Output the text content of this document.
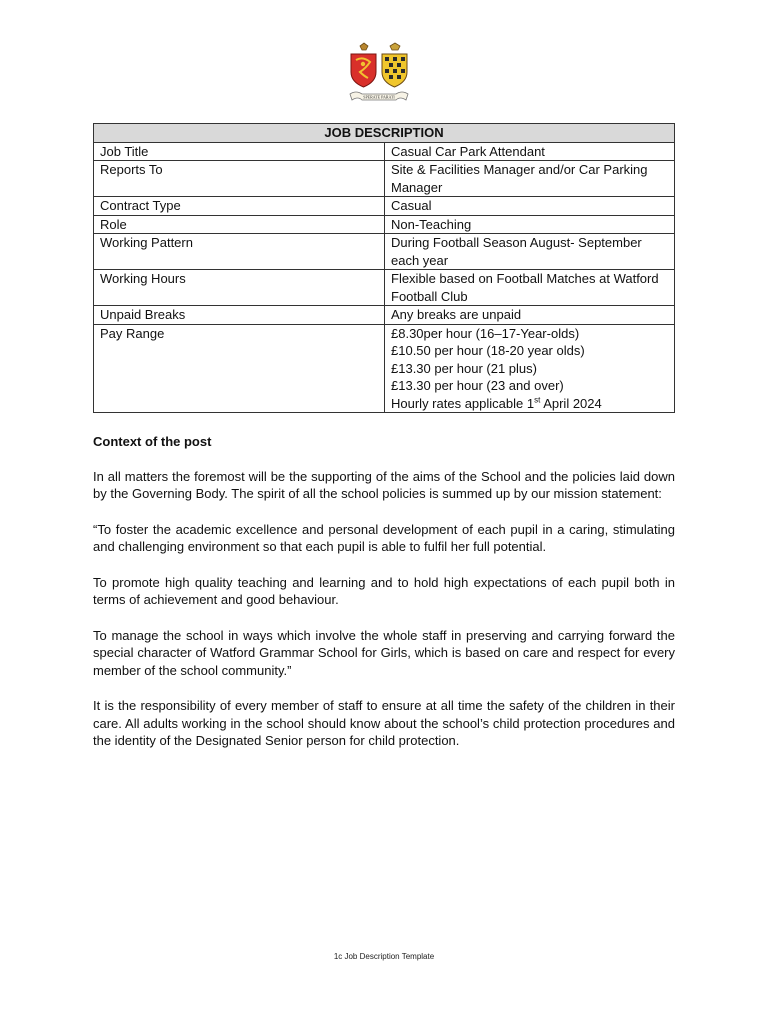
SPERATE PARATI
JOB DESCRIPTION	
Job Title	Casual Car Park Attendant
Reports To	Site & Facilities Manager and/or Car Parking Manager
Contract Type	Casual
Role	Non-Teaching
Working Pattern	During Football Season August- September each year
Working Hours	Flexible based on Football Matches at Watford Football Club
Unpaid Breaks	Any breaks are unpaid
Pay Range	£8.30per hour (16–17-Year-olds)
£10.50 per hour (18-20 year olds)
£13.30 per hour (21 plus)
£13.30 per hour (23 and over)
Hourly rates applicable 1st April 2024
Context of the post

In all matters the foremost will be the supporting of the aims of the School and the policies laid down by the Governing Body. The spirit of all the school policies is summed up by our mission statement:

“To foster the academic excellence and personal development of each pupil in a caring, stimulating and challenging environment so that each pupil is able to fulfil her full potential.

To promote high quality teaching and learning and to hold high expectations of each pupil both in terms of achievement and good behaviour.

To manage the school in ways which involve the whole staff in preserving and carrying forward the special character of Watford Grammar School for Girls, which is based on care and respect for every member of the school community.”

It is the responsibility of every member of staff to ensure at all time the safety of the children in their care. All adults working in the school should know about the school’s child protection procedures and the identity of the Designated Senior person for child protection.

1c Job Description Template
